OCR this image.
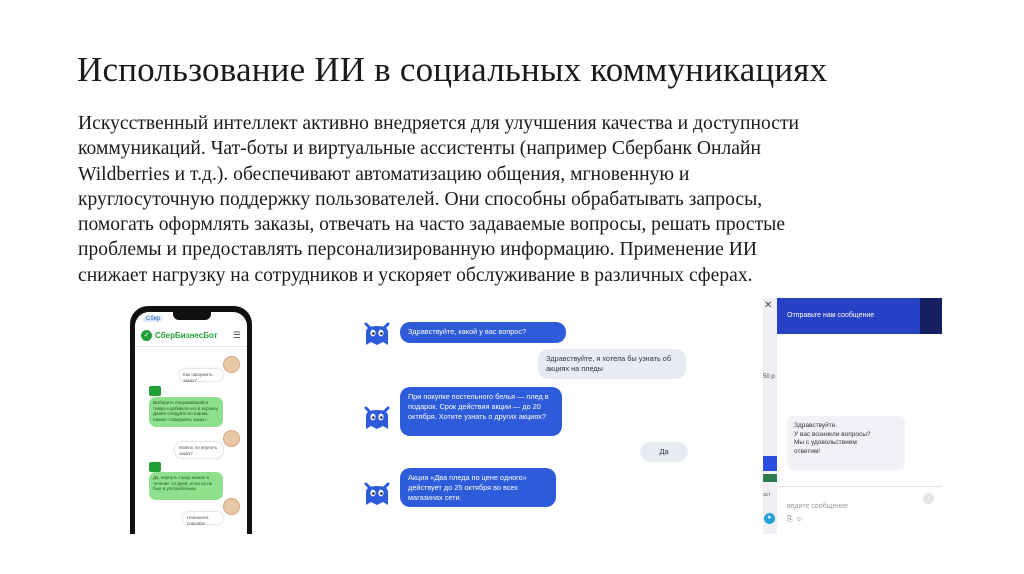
Использование ИИ в социальных коммуникациях
Искусственный интеллект активно внедряется для улучшения качества и доступности
коммуникаций. Чат-боты и виртуальные ассистенты (например Сбербанк Онлайн
Wildberries и т.д.). обеспечивают автоматизацию общения, мгновенную и
круглосуточную поддержку пользователей. Они способны обрабатывать запросы,
помогать оформлять заказы, отвечать на часто задаваемые вопросы, решать простые
проблемы и предоставлять персонализированную информацию. Применение ИИ
снижает нагрузку на сотрудников и ускоряет обслуживание в различных сферах.
Сбер
✓ СберБизнесБот ☰
Как оформить заказ?
Выберите понравившийся товар и добавьте его в корзину. Далее следуйте по шагам, нажав «Оформить заказ».
Можно ли вернуть заказ?
Да, вернуть товар можно в течение 14 дней, если он не был в употреблении.
Напишите, спасибо!
Здравствуйте, какой у вас вопрос?
Здравствуйте, я хотела бы узнать об акциях на пледы
При покупке постельного белья — плед в подарок. Срок действия акции — до 20 октября. Хотите узнать о других акциях?
Да
Акция «Два пледа по цене одного» действует до 25 октября во всех магазинах сети.
✕
50 р
аст
➤
Отправьте нам сообщение
Здравствуйте.
У вас возникли вопросы?
Мы с удовольствием
ответим!
↑
ведите сообщение
⎘☺
